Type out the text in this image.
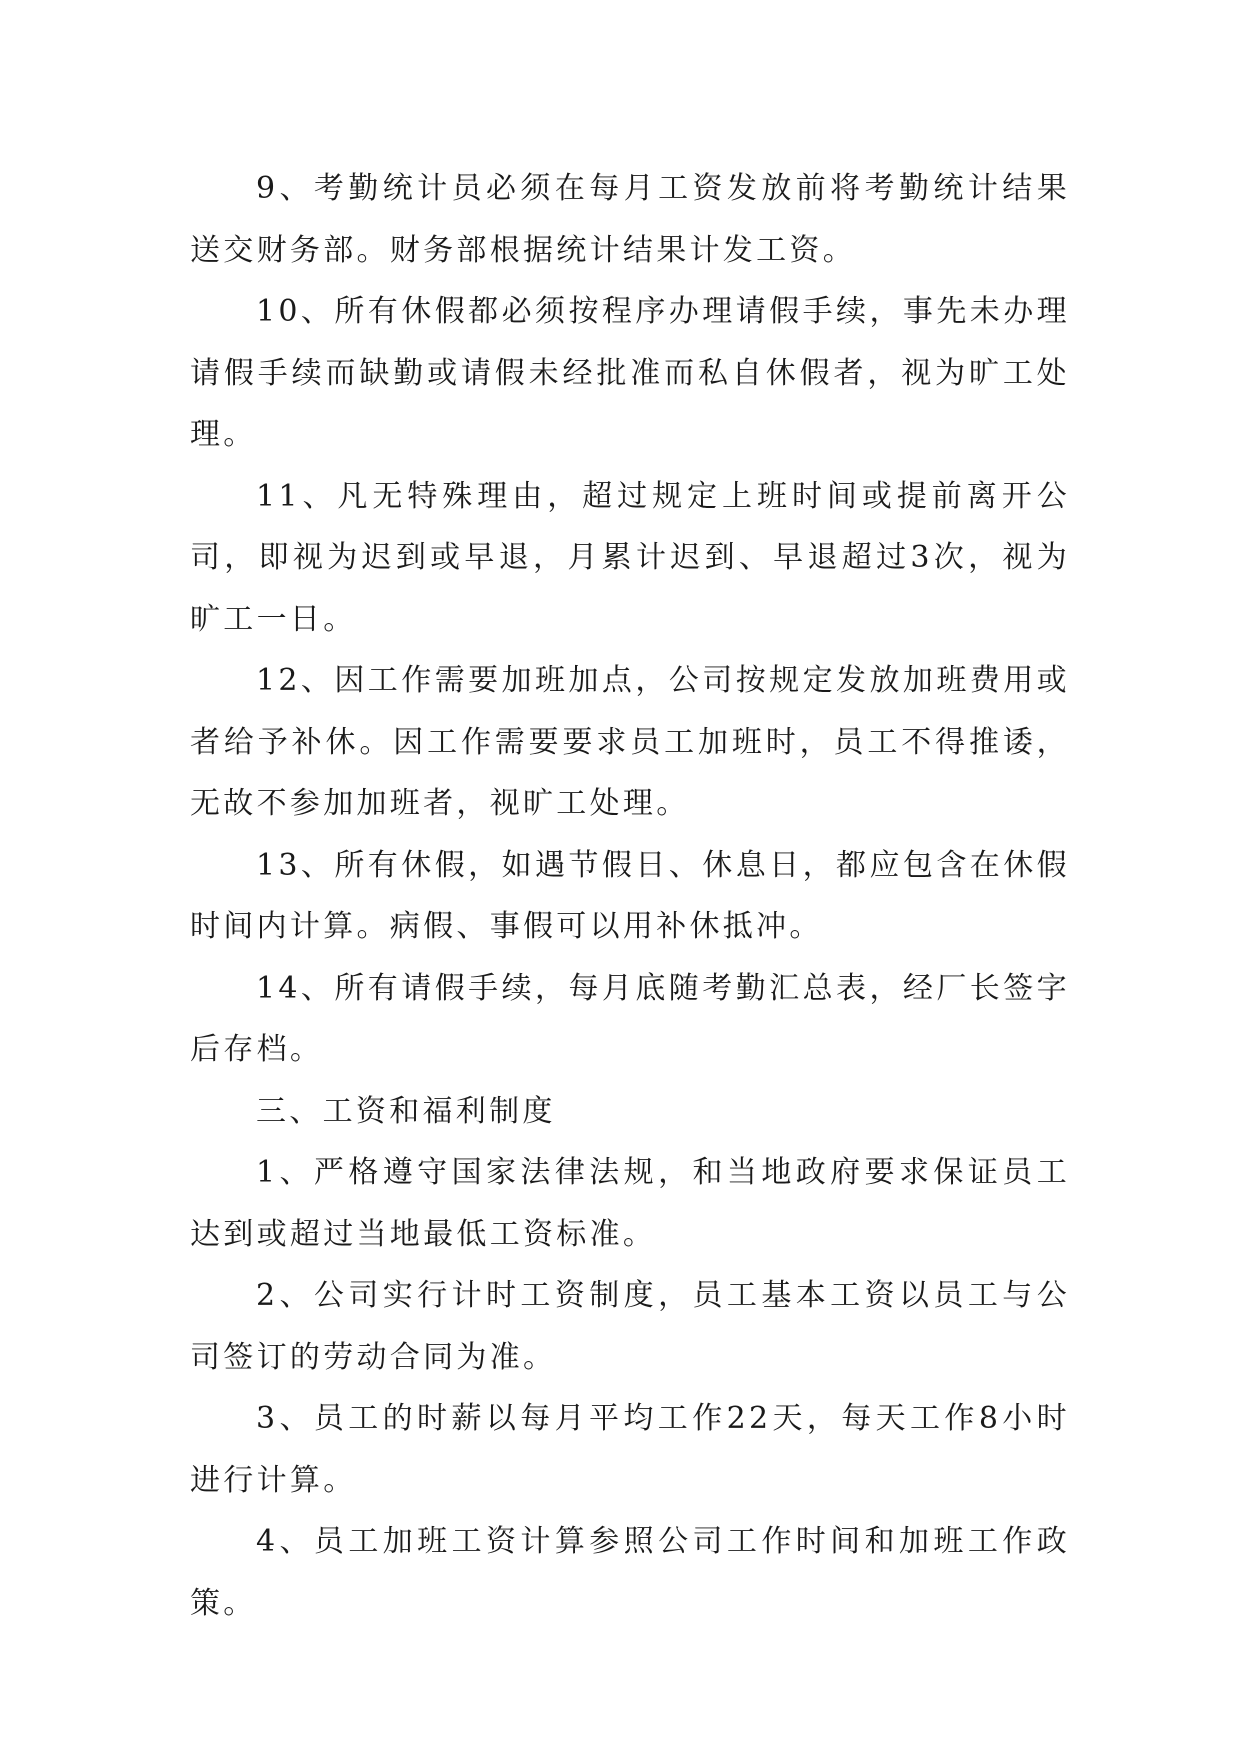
9、考勤统计员必须在每月工资发放前将考勤统计结果送交财务部。财务部根据统计结果计发工资。

10、所有休假都必须按程序办理请假手续，事先未办理请假手续而缺勤或请假未经批准而私自休假者，视为旷工处理。

11、凡无特殊理由，超过规定上班时间或提前离开公司，即视为迟到或早退，月累计迟到、早退超过3次，视为旷工一日。

12、因工作需要加班加点，公司按规定发放加班费用或者给予补休。因工作需要要求员工加班时，员工不得推诿，无故不参加加班者，视旷工处理。

13、所有休假，如遇节假日、休息日，都应包含在休假时间内计算。病假、事假可以用补休抵冲。

14、所有请假手续，每月底随考勤汇总表，经厂长签字后存档。

三、工资和福利制度

1、严格遵守国家法律法规，和当地政府要求保证员工达到或超过当地最低工资标准。

2、公司实行计时工资制度，员工基本工资以员工与公司签订的劳动合同为准。

3、员工的时薪以每月平均工作22天，每天工作8小时进行计算。

4、员工加班工资计算参照公司工作时间和加班工作政策。
